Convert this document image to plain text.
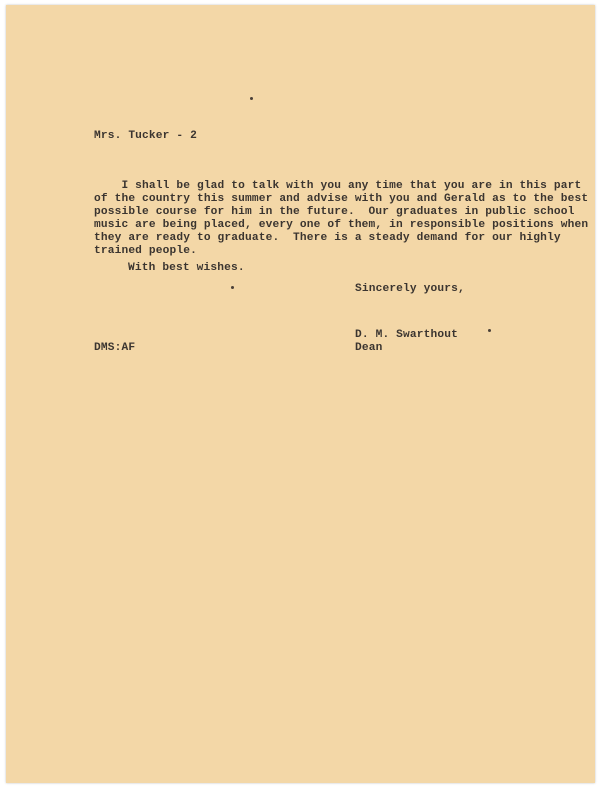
Mrs. Tucker - 2
I shall be glad to talk with you any time that you are in this part
of the country this summer and advise with you and Gerald as to the best
possible course for him in the future.  Our graduates in public school
music are being placed, every one of them, in responsible positions when
they are ready to graduate.  There is a steady demand for our highly
trained people.
With best wishes.
Sincerely yours,
D. M. Swarthout
Dean
DMS:AF
